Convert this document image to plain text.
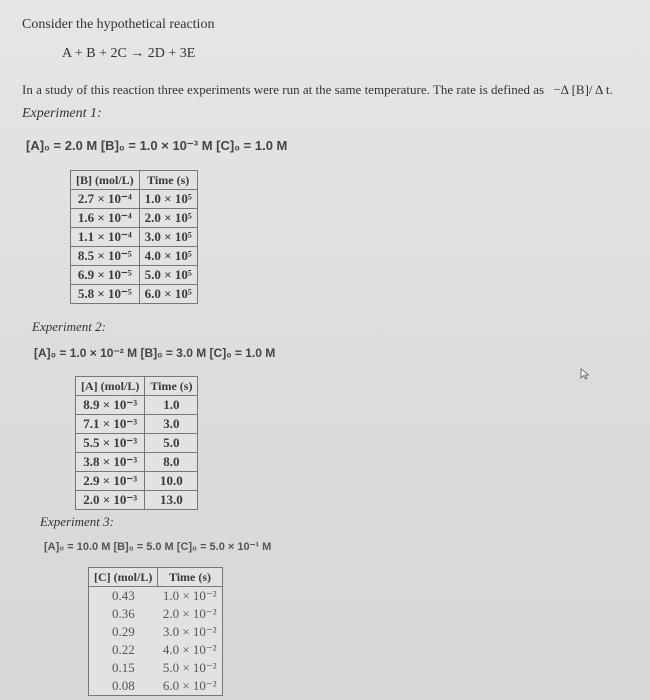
Consider the hypothetical reaction
A + B + 2C → 2D + 3E
In a study of this reaction three experiments were run at the same temperature. The rate is defined as −Δ [B]/ Δ t.
Experiment 1:
[A]₀ = 2.0 M [B]₀ = 1.0 × 10⁻³ M [C]₀ = 1.0 M
[B] (mol/L)	Time (s)
2.7 × 10⁻⁴	1.0 × 10⁵
1.6 × 10⁻⁴	2.0 × 10⁵
1.1 × 10⁻⁴	3.0 × 10⁵
8.5 × 10⁻⁵	4.0 × 10⁵
6.9 × 10⁻⁵	5.0 × 10⁵
5.8 × 10⁻⁵	6.0 × 10⁵
Experiment 2:
[A]₀ = 1.0 × 10⁻² M [B]₀ = 3.0 M [C]₀ = 1.0 M
[A] (mol/L)	Time (s)
8.9 × 10⁻³	1.0
7.1 × 10⁻³	3.0
5.5 × 10⁻³	5.0
3.8 × 10⁻³	8.0
2.9 × 10⁻³	10.0
2.0 × 10⁻³	13.0
Experiment 3:
[A]₀ = 10.0 M [B]₀ = 5.0 M [C]₀ = 5.0 × 10⁻¹ M
[C] (mol/L)	Time (s)
0.43	1.0 × 10⁻²
0.36	2.0 × 10⁻²
0.29	3.0 × 10⁻²
0.22	4.0 × 10⁻²
0.15	5.0 × 10⁻²
0.08	6.0 × 10⁻²
